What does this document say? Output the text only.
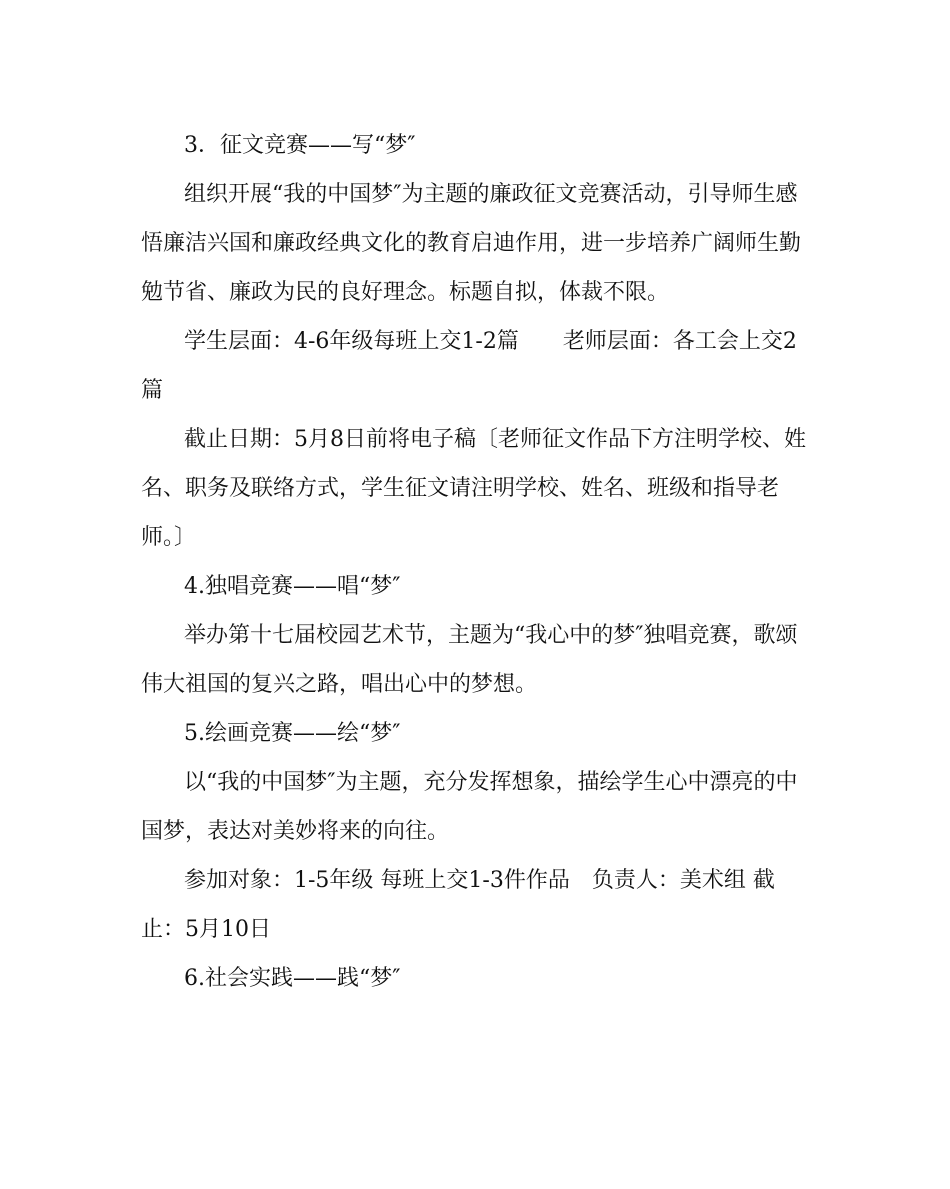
3．征文竞赛——写“梦″
组织开展“我的中国梦″为主题的廉政征文竞赛活动，引导师生感
悟廉洁兴国和廉政经典文化的教育启迪作用，进一步培养广阔师生勤
勉节省、廉政为民的良好理念。标题自拟，体裁不限。
学生层面：4-6年级每班上交1-2篇　　老师层面：各工会上交2
篇
截止日期：5月8日前将电子稿〔老师征文作品下方注明学校、姓
名、职务及联络方式，学生征文请注明学校、姓名、班级和指导老
师。〕
4.独唱竞赛——唱“梦″
举办第十七届校园艺术节，主题为“我心中的梦″独唱竞赛，歌颂
伟大祖国的复兴之路，唱出心中的梦想。
5.绘画竞赛——绘“梦″
以“我的中国梦″为主题，充分发挥想象，描绘学生心中漂亮的中
国梦，表达对美妙将来的向往。
参加对象：1-5年级 每班上交1-3件作品　负责人：美术组 截
止：5月10日
6.社会实践——践“梦″
